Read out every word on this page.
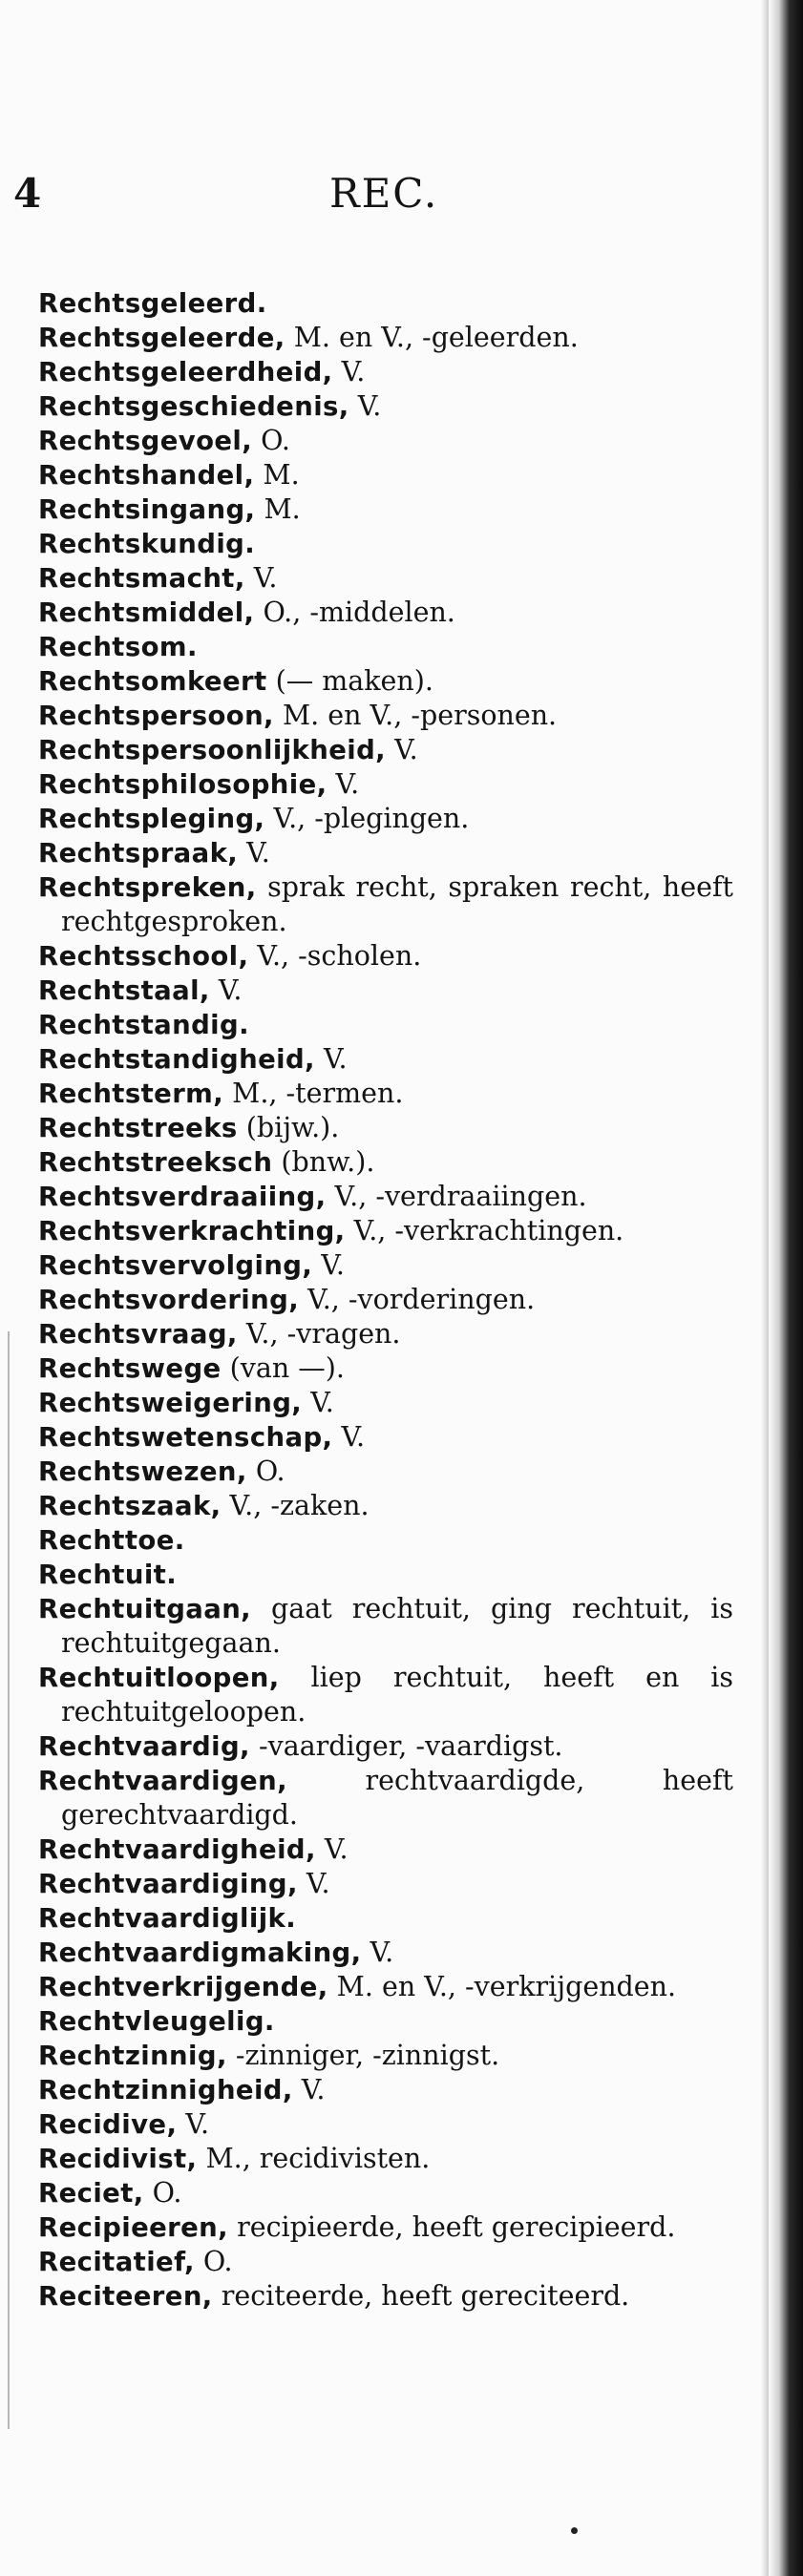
4	REC.
Rechtsgeleerd.
Rechtsgeleerde, M. en V., -geleerden.
Rechtsgeleerdheid, V.
Rechtsgeschiedenis, V.
Rechtsgevoel, O.
Rechtshandel, M.
Rechtsingang, M.
Rechtskundig.
Rechtsmacht, V.
Rechtsmiddel, O., -middelen.
Rechtsom.
Rechtsomkeert (— maken).
Rechtspersoon, M. en V., -personen.
Rechtspersoonlijkheid, V.
Rechtsphilosophie, V.
Rechtspleging, V., -plegingen.
Rechtspraak, V.
Rechtspreken, sprak recht, spraken recht, heeft rechtgesproken.
Rechtsschool, V., -scholen.
Rechtstaal, V.
Rechtstandig.
Rechtstandigheid, V.
Rechtsterm, M., -termen.
Rechtstreeks (bijw.).
Rechtstreeksch (bnw.).
Rechtsverdraaiing, V., -verdraaiingen.
Rechtsverkrachting, V., -verkrachtingen.
Rechtsvervolging, V.
Rechtsvordering, V., -vorderingen.
Rechtsvraag, V., -vragen.
Rechtswege (van —).
Rechtsweigering, V.
Rechtswetenschap, V.
Rechtswezen, O.
Rechtszaak, V., -zaken.
Rechttoe.
Rechtuit.
Rechtuitgaan, gaat rechtuit, ging rechtuit, is rechtuitgegaan.
Rechtuitloopen, liep rechtuit, heeft en is rechtuitgeloopen.
Rechtvaardig, -vaardiger, -vaardigst.
Rechtvaardigen, rechtvaardigde, heeft gerechtvaardigd.
Rechtvaardigheid, V.
Rechtvaardiging, V.
Rechtvaardiglijk.
Rechtvaardigmaking, V.
Rechtverkrijgende, M. en V., -verkrijgenden.
Rechtvleugelig.
Rechtzinnig, -zinniger, -zinnigst.
Rechtzinnigheid, V.
Recidive, V.
Recidivist, M., recidivisten.
Reciet, O.
Recipieeren, recipieerde, heeft gerecipieerd.
Recitatief, O.
Reciteeren, reciteerde, heeft gereciteerd.
